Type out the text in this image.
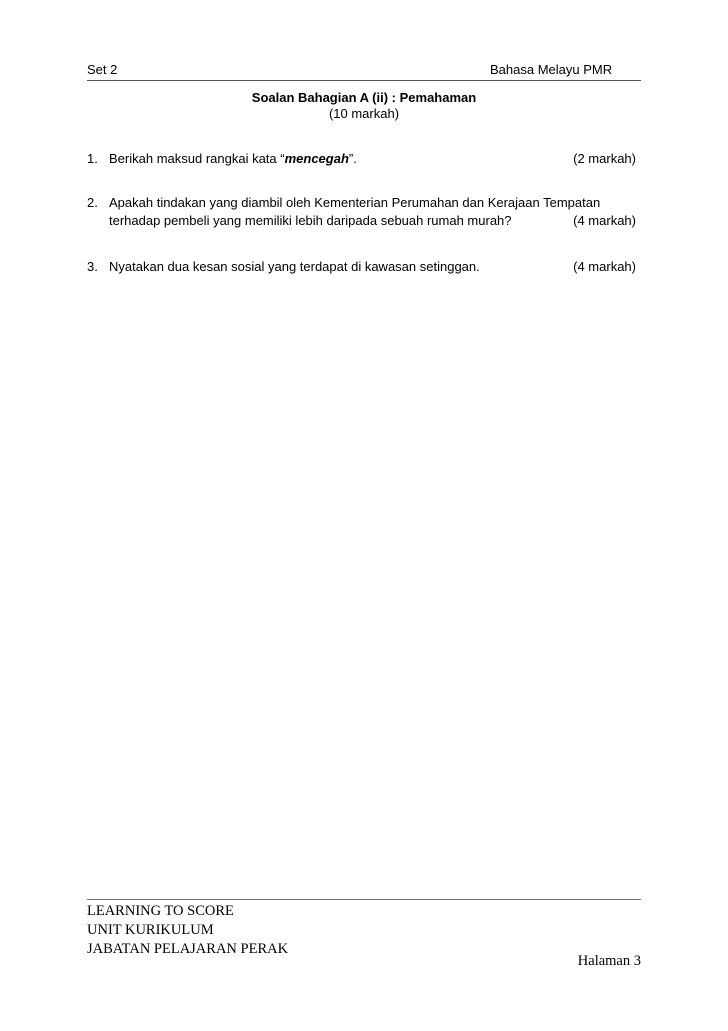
Set 2	Bahasa Melayu PMR
Soalan Bahagian A (ii) : Pemahaman
(10 markah)
1. Berikah maksud rangkai kata “mencegah”.	(2 markah)
2. Apakah tindakan yang diambil oleh Kementerian Perumahan dan Kerajaan Tempatan
terhadap pembeli yang memiliki lebih daripada sebuah rumah murah?	(4 markah)
3. Nyatakan dua kesan sosial yang terdapat di kawasan setinggan.	(4 markah)
LEARNING TO SCORE
UNIT KURIKULUM
JABATAN PELAJARAN PERAK
Halaman 3
